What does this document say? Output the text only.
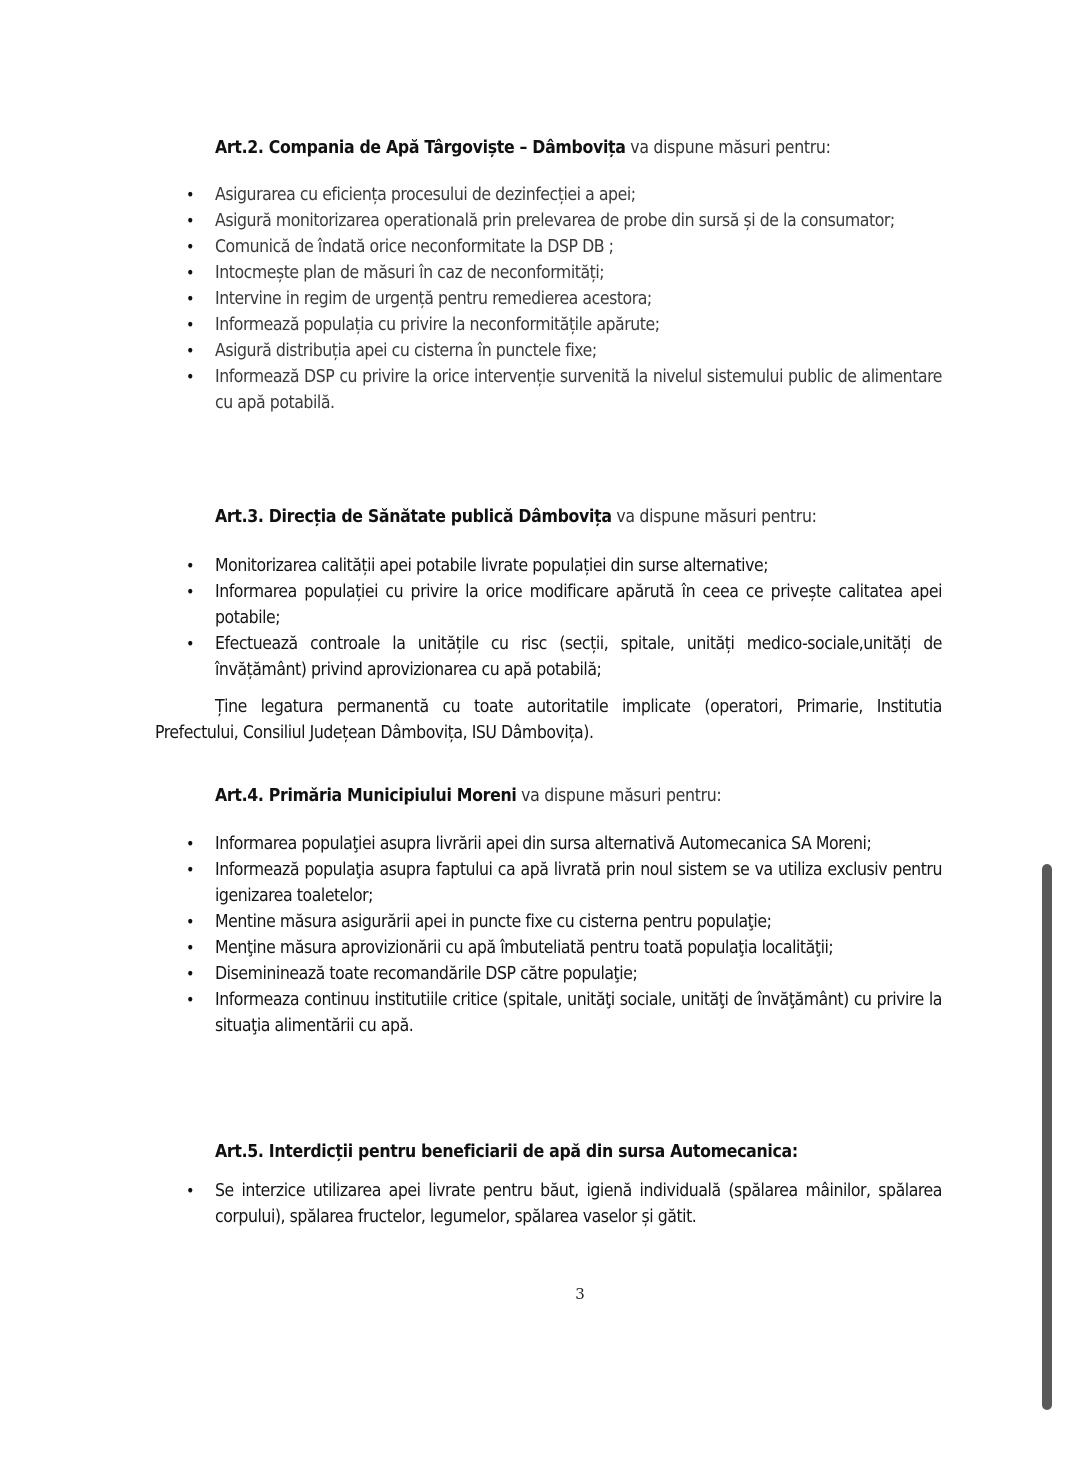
Art.2. Compania de Apă Târgoviște – Dâmbovița va dispune măsuri pentru:
• Asigurarea cu eficiența procesului de dezinfecției a apei;
• Asigură monitorizarea operatională prin prelevarea de probe din sursă și de la consumator;
• Comunică de îndată orice neconformitate la DSP DB ;
• Intocmește plan de măsuri în caz de neconformități;
• Intervine in regim de urgență pentru remedierea acestora;
• Informează populația cu privire la neconformitățile apărute;
• Asigură distribuția apei cu cisterna în punctele fixe;
• Informează DSP cu privire la orice intervenție survenită la nivelul sistemului public de alimentare cu apă potabilă.
Art.3. Direcția de Sănătate publică Dâmbovița va dispune măsuri pentru:
• Monitorizarea calității apei potabile livrate populației din surse alternative;
• Informarea populației cu privire la orice modificare apărută în ceea ce privește calitatea apei potabile;
• Efectuează controale la unitățile cu risc (secții, spitale, unități medico-sociale,unități de învățământ) privind aprovizionarea cu apă potabilă;
Ține legatura permanentă cu toate autoritatile implicate (operatori, Primarie, Institutia Prefectului, Consiliul Județean Dâmbovița, ISU Dâmbovița).
Art.4. Primăria Municipiului Moreni va dispune măsuri pentru:
• Informarea populaţiei asupra livrării apei din sursa alternativă Automecanica SA Moreni;
• Informează populaţia asupra faptului ca apă livrată prin noul sistem se va utiliza exclusiv pentru igenizarea toaletelor;
• Mentine măsura asigurării apei in puncte fixe cu cisterna pentru populaţie;
• Menţine măsura aprovizionării cu apă îmbuteliată pentru toată populaţia localităţii;
• Disemininează toate recomandările DSP către populaţie;
• Informeaza continuu institutiile critice (spitale, unităţi sociale, unităţi de învăţământ) cu privire la situaţia alimentării cu apă.
Art.5. Interdicții pentru beneficiarii de apă din sursa Automecanica:
• Se interzice utilizarea apei livrate pentru băut, igienă individuală (spălarea mâinilor, spălarea corpului), spălarea fructelor, legumelor, spălarea vaselor și gătit.
3
